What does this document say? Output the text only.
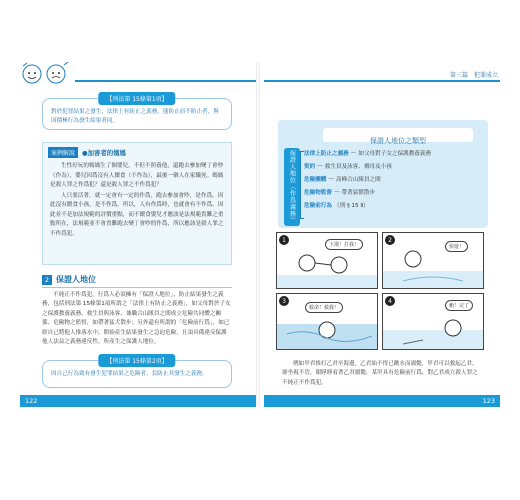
【刑法第 15條第1項】
對於犯罪結果之發生，法律上有防止之義務，能防止而不防止者，與因積極行為發生結果者同。
案例解說	●加害者的媽媽

生性好玩的媽媽生了個嬰兒，不但不照養他，還跑去參加變丁會吵（作為），嬰兒因爲沒有人餵食（不作為），最後一個人在家餓死。媽媽是殺人罪之作爲犯？還是殺人罪之不作爲犯？

人只要活著，就一定會有一定的作爲，跑去參加會吵，是作爲，因此沒有餵食小孩，是不作爲，所以，人有作爲時，也就會有不作爲。因此並不是加法規範的評價重點，而不餵食嬰兒才應該是法規範貴難之重點所在，法規範並不會責難跑去變丁會吵的作爲，所以應該是殺人罪之不作爲犯。

2 保證人地位

不純正不作爲犯，行爲人必須擁有「保證人地位」，防止結果發生之義務，包括刑法第 15條第1項所謂之「法律上有防止之義務」，如父母對於子女之保護教養義務、救生員與泳客、兼職合山隊員之間成立危險共同體之關係、危險物之監督，如帶著猛犬散步；另外還有所謂的「危險前行爲」，如已經自己將他人推落水中，開始產生結果發生之急迫危險，且須具備違反保護他人法益之義務違反性，所產生之保護人地位。

【刑法第 15條第2項】
因自己行為致有發生犯罪結果之危險者，負防止其發生之義務。
122
第三篇　犯罪成立
保證人地位之類型
保證人地位（作爲義務）	法律上防止之義務 — 如父母對子女之保護教養義務
契約 — 救生員及泳客、褓母及小孩
危險團體 — 高峰合山隊員之間
危險物監督 — 帶著猛獸散步
危險前行為 （刑 § 15 Ⅱ）
1
下漢！打我！
2
快遊！
3
救命！救我！
4
賴！完了

例如甲君推打乙君至海邊，乙君始不得已跳水而溺斃，甲君可以救起乙君，卻坐視不管，眼睜睜看著乙君溺斃，某甲具有危險前行爲，對乙君成立殺人罪之不純正不作爲犯。

123
